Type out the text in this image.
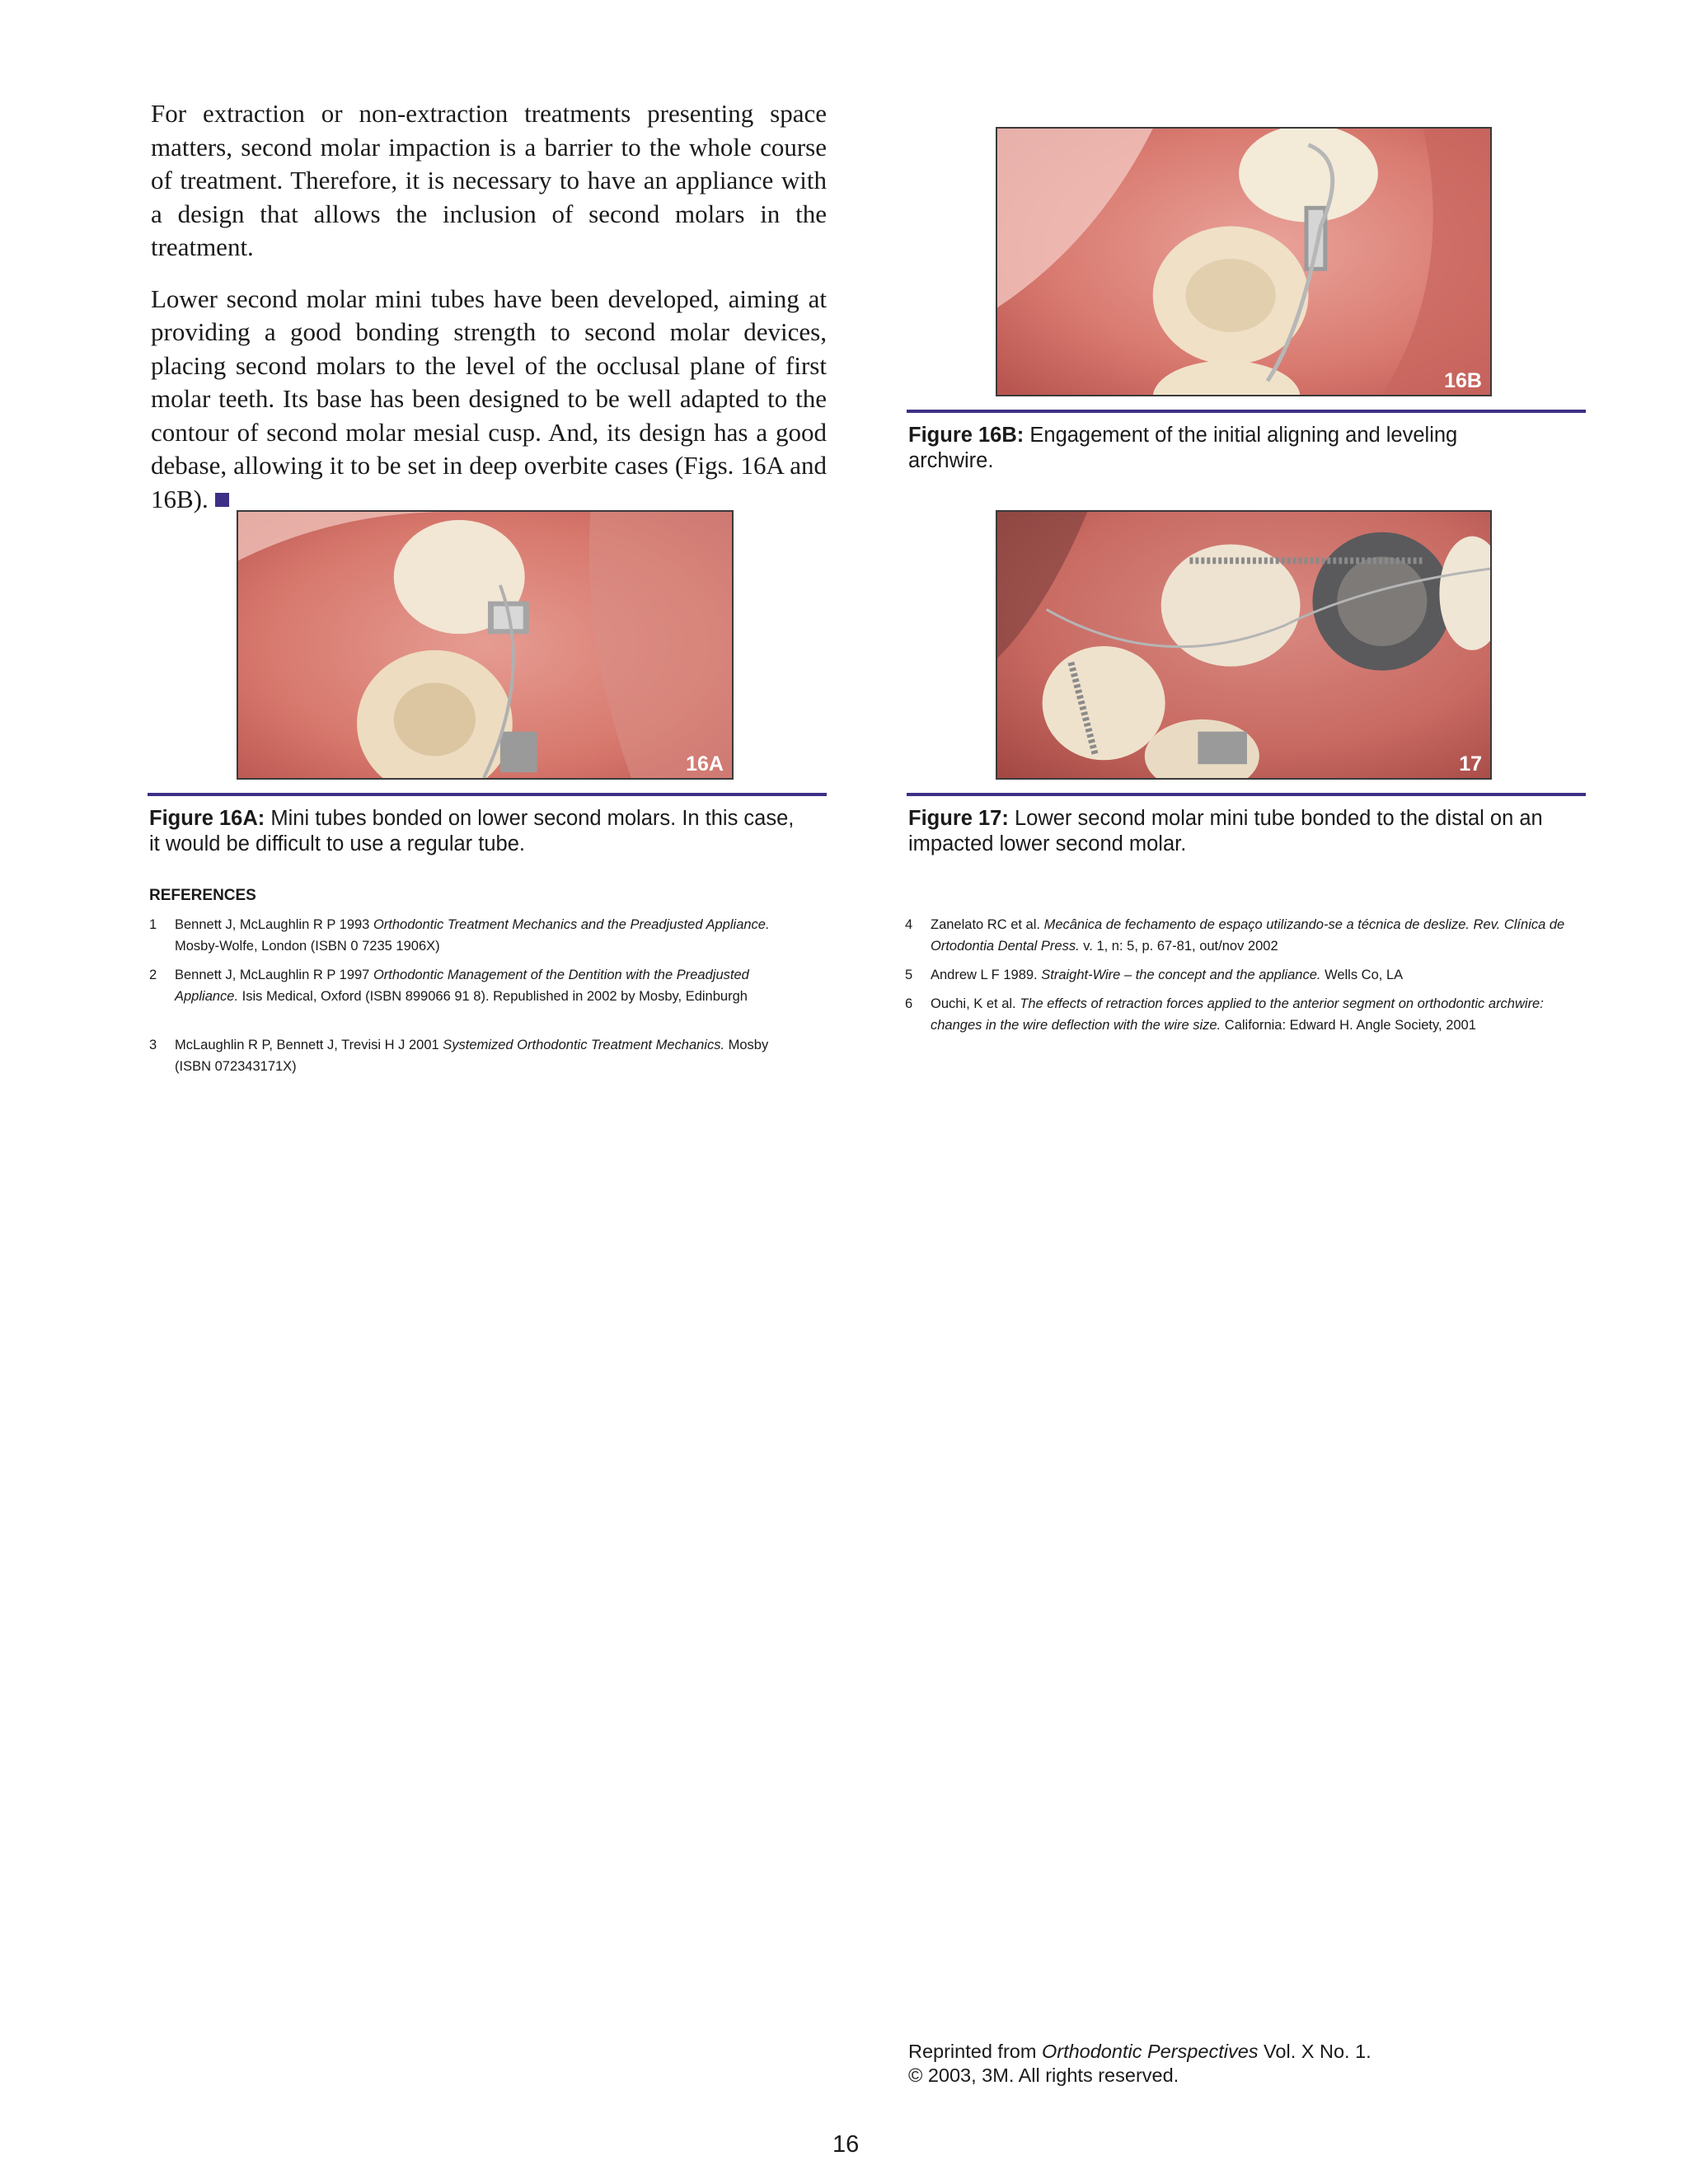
For extraction or non-extraction treatments presenting space matters, second molar impaction is a barrier to the whole course of treatment. Therefore, it is necessary to have an appliance with a design that allows the inclusion of second molars in the treatment.

Lower second molar mini tubes have been developed, aiming at providing a good bonding strength to second molar devices, placing second molars to the level of the occlusal plane of first molar teeth. Its base has been designed to be well adapted to the contour of second molar mesial cusp. And, its design has a good debase, allowing it to be set in deep overbite cases (Figs. 16A and 16B).

16B

Figure 16B: Engagement of the initial aligning and leveling archwire.

16A

Figure 16A: Mini tubes bonded on lower second molars. In this case, it would be difficult to use a regular tube.

17

Figure 17: Lower second molar mini tube bonded to the distal on an impacted lower second molar.

REFERENCES
1 Bennett J, McLaughlin R P 1993 Orthodontic Treatment Mechanics and the Preadjusted Appliance. Mosby-Wolfe, London (ISBN 0 7235 1906X)
2 Bennett J, McLaughlin R P 1997 Orthodontic Management of the Dentition with the Preadjusted Appliance. Isis Medical, Oxford (ISBN 899066 91 8). Republished in 2002 by Mosby, Edinburgh
3 McLaughlin R P, Bennett J, Trevisi H J 2001 Systemized Orthodontic Treatment Mechanics. Mosby (ISBN 072343171X)
4 Zanelato RC et al. Mecânica de fechamento de espaço utilizando-se a técnica de deslize. Rev. Clínica de Ortodontia Dental Press. v. 1, n: 5, p. 67-81, out/nov 2002
5 Andrew L F 1989. Straight-Wire – the concept and the appliance. Wells Co, LA
6 Ouchi, K et al. The effects of retraction forces applied to the anterior segment on orthodontic archwire: changes in the wire deflection with the wire size. California: Edward H. Angle Society, 2001
Reprinted from Orthodontic Perspectives Vol. X No. 1.
© 2003, 3M. All rights reserved.
16
